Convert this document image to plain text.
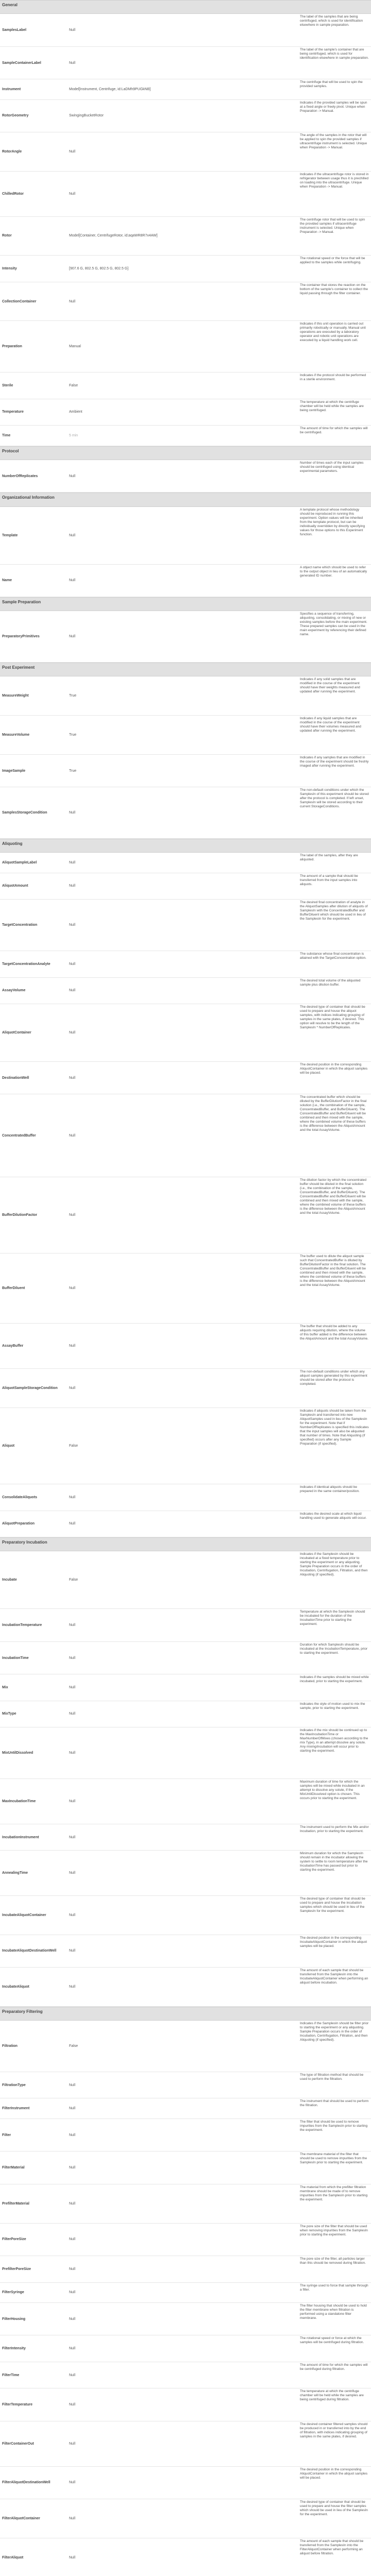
General
SamplesLabel	Null
The label of the samples that are being centrifuged, which is used for identification elsewhere in sample preparation.
SampleContainerLabel	Null
The label of the sample's container that are being centrifuged, which is used for identification elsewhere in sample preparation.
Instrument	Model[Instrument, Centrifuge, id:LaDMh9PUGkNB]
The centrifuge that will be used to spin the provided samples.
RotorGeometry	SwingingBucketRotor
Indicates if the provided samples will be spun at a fixed angle or freely pivot. Unique when Preparation -> Manual.
RotorAngle	Null
The angle of the samples in the rotor that will be applied to spin the provided samples if ultracentrifuge instrument is selected. Unique when Preparation -> Manual.
ChilledRotor	Null
Indicates if the ultracentrifuge rotor is stored in refrigerator between usage thus it is prechilled on loading into the ultracentrifuge. Unique when Preparation -> Manual.
Rotor	Model[Container, CentrifugeRotor, id:aqaWR8R7x4AW]
The centrifuge rotor that will be used to spin the provided samples if ultracentrifuge instrument is selected. Unique when Preparation -> Manual.
Intensity	[907.6 G, 802.5 G, 802.5 G, 802.5 G]
The rotational speed or the force that will be applied to the samples while centrifuging.
CollectionContainer	Null
The container that stores the reaction on the bottom of the sample's container to collect the liquid passing through the filter container.
Preparation	Manual
Indicates if this unit operation is carried out primarily robotically or manually. Manual unit operations are executed by a laboratory operator and robotic unit operations are executed by a liquid handling work cell.
Sterile	False
Indicates if the protocol should be performed in a sterile environment.
Temperature	Ambient
The temperature at which the centrifuge chamber will be held while the samples are being centrifuged.
Time	5 min
The amount of time for which the samples will be centrifuged.
Protocol
NumberOfReplicates	Null
Number of times each of the input samples should be centrifuged using identical experimental parameters.
Organizational Information
Template	Null
A template protocol whose methodology should be reproduced in running this experiment. Option values will be inherited from the template protocol, but can be individually overridden by directly specifying values for those options to this Experiment function.
Name	Null
A object name which should be used to refer to the output object in lieu of an automatically generated ID number.
Sample Preparation
PreparatoryPrimitives	Null
Specifies a sequence of transferring, aliquoting, consolidating, or mixing of new or existing samples before the main experiment. These prepared samples can be used in the main experiment by referencing their defined name.
Post Experiment
MeasureWeight	True
Indicates if any solid samples that are modified in the course of the experiment should have their weights measured and updated after running the experiment.
MeasureVolume	True
Indicates if any liquid samples that are modified in the course of the experiment should have their volumes measured and updated after running the experiment.
ImageSample	True
Indicates if any samples that are modified in the course of the experiment should be freshly imaged after running the experiment.
SamplesStorageCondition	Null
The non-default conditions under which the SamplesIn of this experiment should be stored after the protocol is completed. If left unset, SamplesIn will be stored according to their current StorageConditions.
Aliquoting
AliquotSampleLabel	Null
The label of the samples, after they are aliquoted.
AliquotAmount	Null
The amount of a sample that should be transferred from the input samples into aliquots.
TargetConcentration	Null
The desired final concentration of analyte in the AliquotSamples after dilution of aliquots of SamplesIn with the ConcentratedBuffer and BufferDiluent which should be used in lieu of the SamplesIn for the experiment.
TargetConcentrationAnalyte	Null
The substance whose final concentration is attained with the TargetConcentration option.
AssayVolume	Null
The desired total volume of the aliquoted sample plus dilution buffer.
AliquotContainer	Null
The desired type of container that should be used to prepare and house the aliquot samples, with indices indicating grouping of samples in the same plates, if desired. This option will resolve to be the length of the SamplesIn * NumberOfReplicates.
DestinationWell	Null
The desired position in the corresponding AliquotContainer in which the aliquot samples will be placed.
ConcentratedBuffer	Null
The concentrated buffer which should be diluted by the BufferDilutionFactor in the final solution (i.e., the combination of the sample, ConcentratedBuffer, and BufferDiluent). The ConcentratedBuffer and BufferDiluent will be combined and then mixed with the sample, where the combined volume of these buffers is the difference between the AliquotAmount and the total AssayVolume.
BufferDilutionFactor	Null
The dilution factor by which the concentrated buffer should be diluted in the final solution (i.e., the combination of the sample, ConcentratedBuffer, and BufferDiluent). The ConcentratedBuffer and BufferDiluent will be combined and then mixed with the sample, where the combined volume of these buffers is the difference between the AliquotAmount and the total AssayVolume.
BufferDiluent	Null
The buffer used to dilute the aliquot sample such that ConcentratedBuffer is diluted by BufferDilutionFactor in the final solution. The ConcentratedBuffer and BufferDiluent will be combined and then mixed with the sample, where the combined volume of these buffers is the difference between the AliquotAmount and the total AssayVolume.
AssayBuffer	Null
The buffer that should be added to any aliquots requiring dilution, where the volume of this buffer added is the difference between the AliquotAmount and the total AssayVolume.
AliquotSampleStorageCondition	Null
The non-default conditions under which any aliquot samples generated by this experiment should be stored after the protocol is completed.
Aliquot	False
Indicates if aliquots should be taken from the SamplesIn and transferred into new AliquotSamples used in lieu of the SamplesIn for the experiment. Note that if NumberOfReplicates is specified this indicates that the input samples will also be aliquoted that number of times. Note that Aliquoting (if specified) occurs after any Sample Preparation (if specified).
ConsolidateAliquots	Null
Indicates if identical aliquots should be prepared in the same container/position.
AliquotPreparation	Null
Indicates the desired scale at which liquid handling used to generate aliquots will occur.
Preparatory Incubation
Incubate	False
Indicates if the SamplesIn should be incubated at a fixed temperature prior to starting the experiment or any aliquoting. Sample Preparation occurs in the order of Incubation, Centrifugation, Filtration, and then Aliquoting (if specified).
IncubationTemperature	Null
Temperature at which the SamplesIn should be incubated for the duration of the IncubationTime prior to starting the experiment.
IncubationTime	Null
Duration for which SamplesIn should be incubated at the IncubationTemperature, prior to starting the experiment.
Mix	Null
Indicates if the samples should be mixed while incubated, prior to starting the experiment.
MixType	Null
Indicates the style of motion used to mix the sample, prior to starting the experiment.
MixUntilDissolved	Null
Indicates if the mix should be continued up to the MaxIncubationTime or MaxNumberOfMixes (chosen according to the mix Type), in an attempt dissolve any solute. Any mixing/incubation will occur prior to starting the experiment.
MaxIncubationTime	Null
Maximum duration of time for which the samples will be mixed while incubated in an attempt to dissolve any solute, if the MixUntilDissolved option is chosen. This occurs prior to starting the experiment.
IncubationInstrument	Null
The instrument used to perform the Mix and/or Incubation, prior to starting the experiment.
AnnealingTime	Null
Minimum duration for which the SamplesIn should remain in the incubator allowing the system to settle to room temperature after the IncubationTime has passed but prior to starting the experiment.
IncubateAliquotContainer	Null
The desired type of container that should be used to prepare and house the incubation samples which should be used in lieu of the SamplesIn for the experiment.
IncubateAliquotDestinationWell	Null
The desired position in the corresponding IncubateAliquotContainer in which the aliquot samples will be placed.
IncubateAliquot	Null
The amount of each sample that should be transferred from the SamplesIn into the IncubateAliquotContainer when performing an aliquot before incubation.
Preparatory Filtering
Filtration	False
Indicates if the SamplesIn should be filter prior to starting the experiment or any aliquoting. Sample Preparation occurs in the order of Incubation, Centrifugation, Filtration, and then Aliquoting (if specified).
FiltrationType	Null
The type of filtration method that should be used to perform the filtration.
FilterInstrument	Null
The instrument that should be used to perform the filtration.
Filter	Null
The filter that should be used to remove impurities from the SamplesIn prior to starting the experiment.
FilterMaterial	Null
The membrane material of the filter that should be used to remove impurities from the SamplesIn prior to starting the experiment.
PrefilterMaterial	Null
The material from which the prefilter filtration membrane should be made of to remove impurities from the SamplesIn prior to starting the experiment.
FilterPoreSize	Null
The pore size of the filter that should be used when removing impurities from the SamplesIn prior to starting the experiment.
PrefilterPoreSize	Null
The pore size of the filter, all particles larger than this should be removed during filtration.
FilterSyringe	Null
The syringe used to force that sample through a filter.
FilterHousing	Null
The filter housing that should be used to hold the filter membrane when filtration is performed using a standalone filter membrane.
FilterIntensity	Null
The rotational speed or force at which the samples will be centrifuged during filtration.
FilterTime	Null
The amount of time for which the samples will be centrifuged during filtration.
FilterTemperature	Null
The temperature at which the centrifuge chamber will be held while the samples are being centrifuged during filtration.
FilterContainerOut	Null
The desired container filtered samples should be produced in or transferred into by the end of filtration, with indices indicating grouping of samples in the same plates, if desired.
FilterAliquotDestinationWell	Null
The desired position in the corresponding AliquotContainer in which the aliquot samples will be placed.
FilterAliquotContainer	Null
The desired type of container that should be used to prepare and house the filter samples which should be used in lieu of the SamplesIn for the experiment.
FilterAliquot	Null
The amount of each sample that should be transferred from the SamplesIn into the FilterAliquotContainer when performing an aliquot before filtration.
